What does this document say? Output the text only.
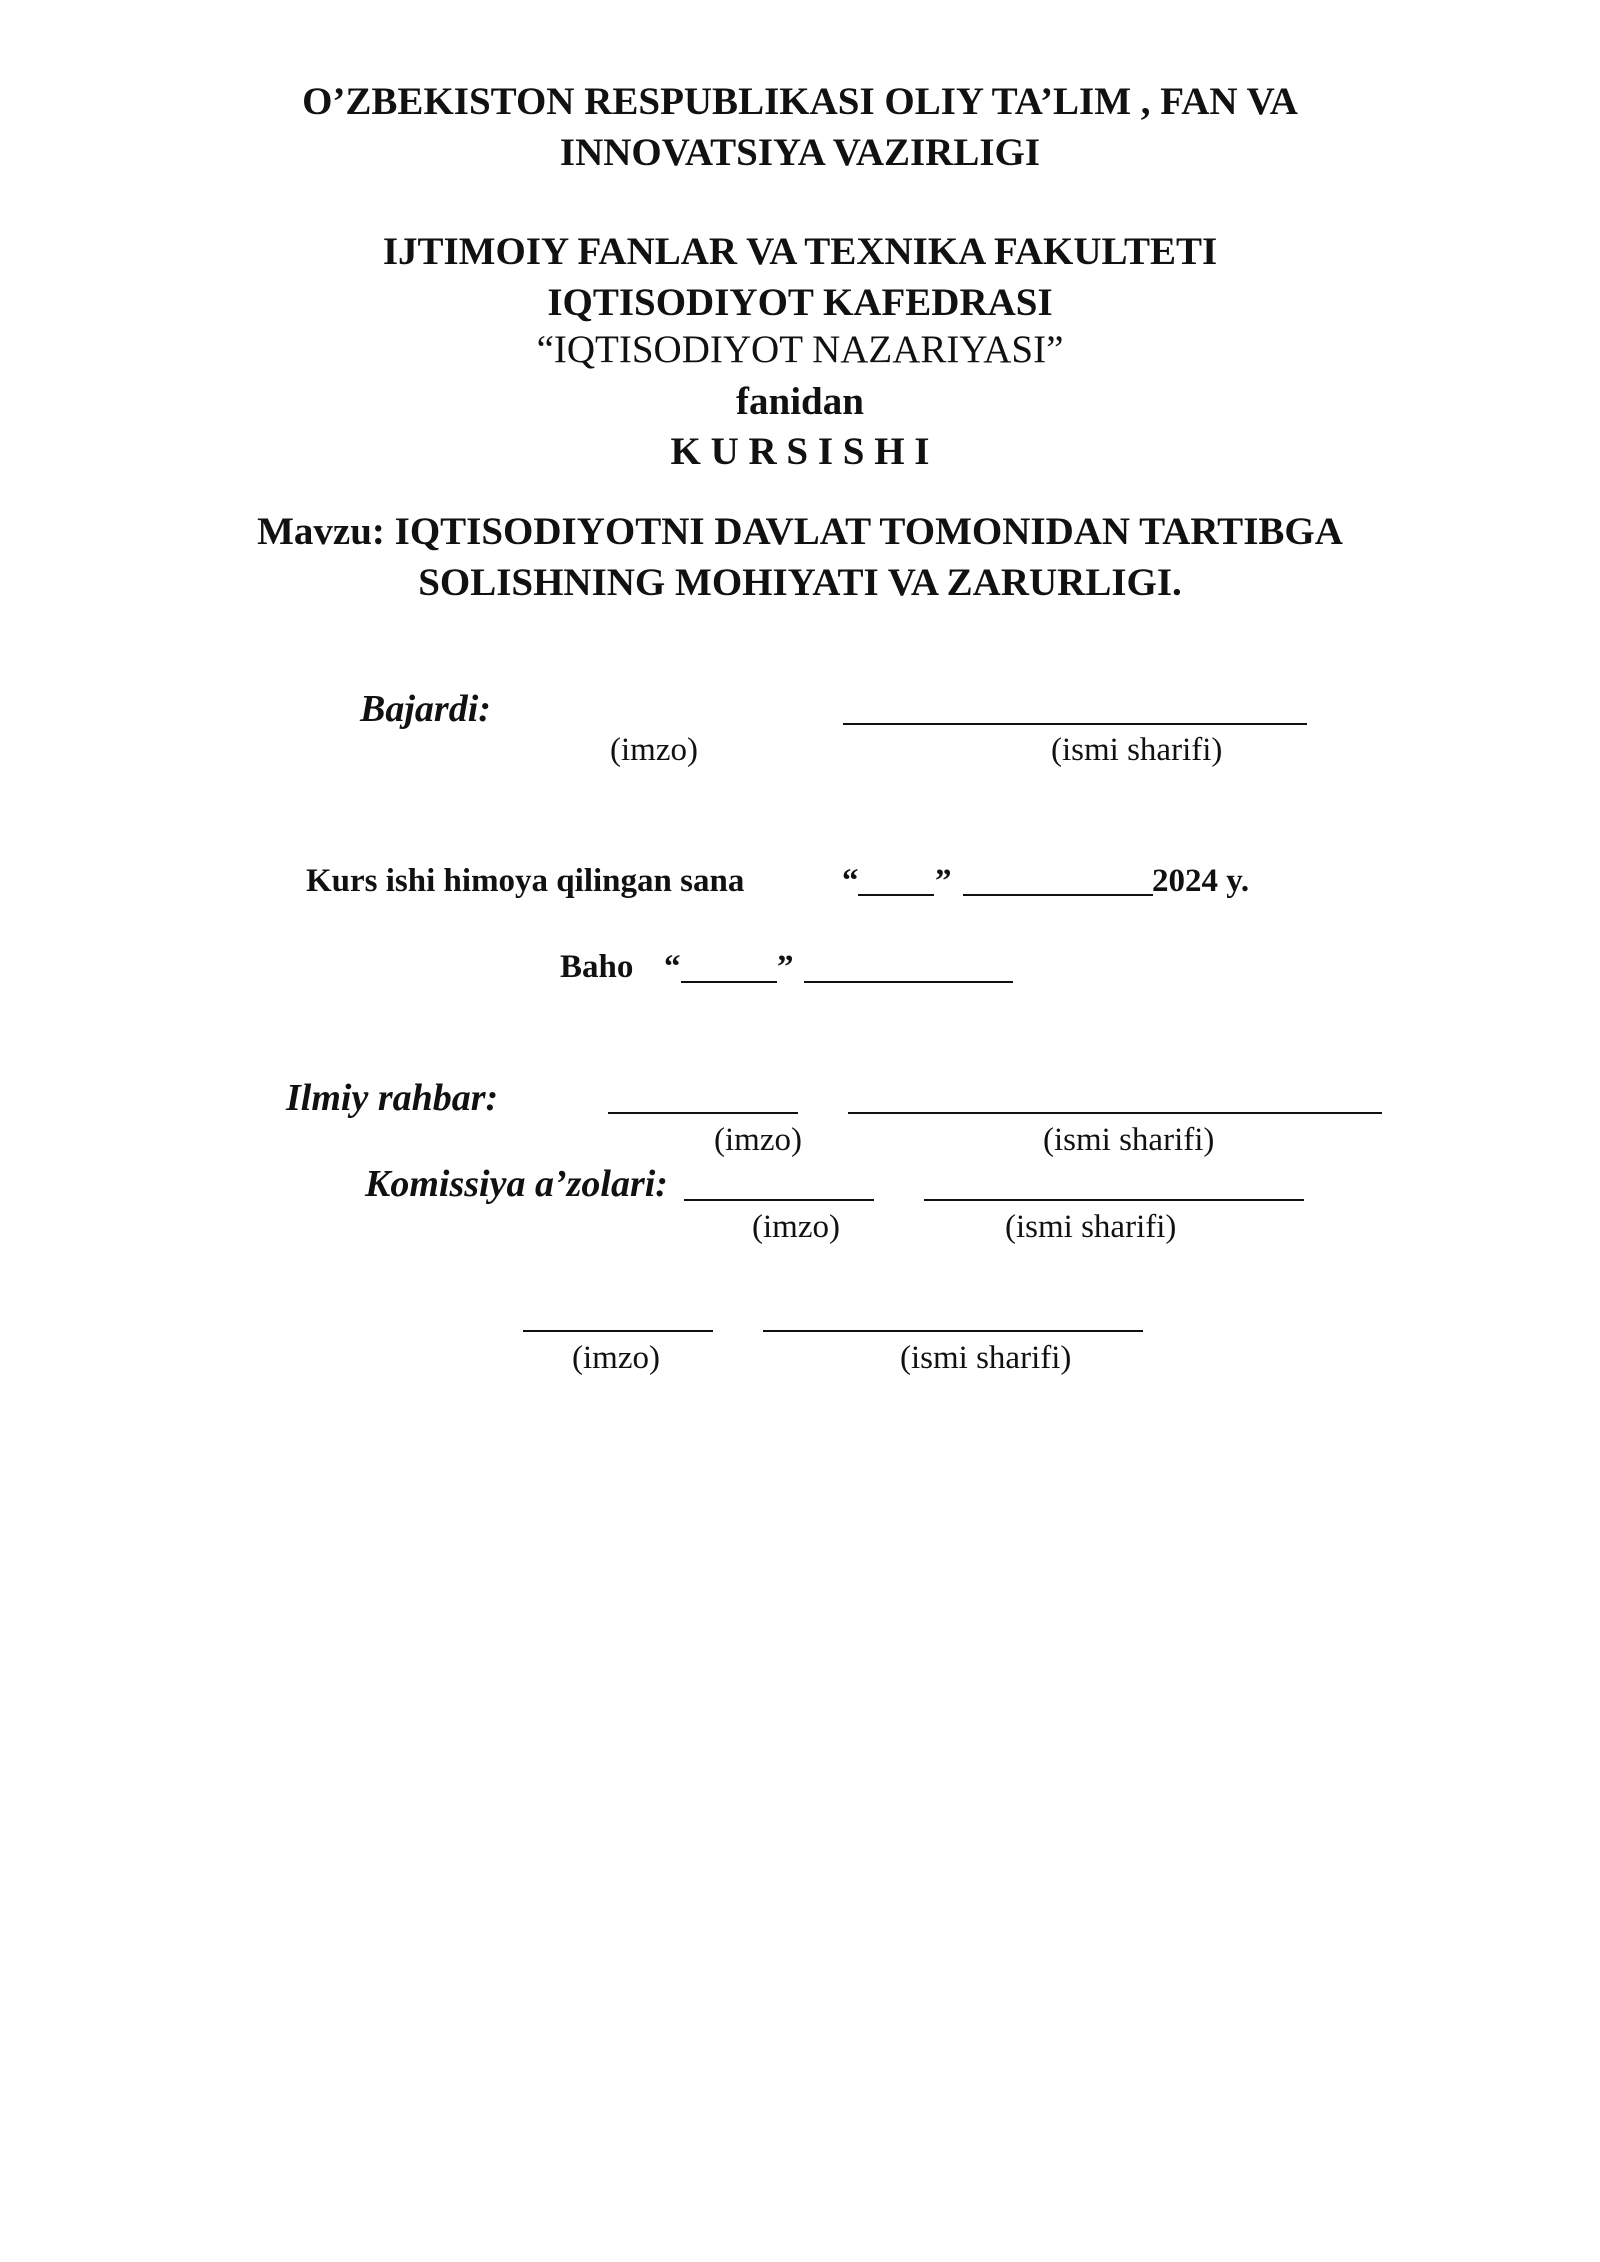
O’ZBEKISTON RESPUBLIKASI OLIY TA’LIM , FAN VA
INNOVATSIYA VAZIRLIGI
IJTIMOIY FANLAR VA TEXNIKA FAKULTETI
IQTISODIYOT KAFEDRASI
“IQTISODIYOT NAZARIYASI”
fanidan
K U R S I S H I
Mavzu: IQTISODIYOTNI DAVLAT TOMONIDAN TARTIBGA
SOLISHNING MOHIYATI VA ZARURLIGI.
Bajardi:
(imzo)	(ismi sharifi)
Kurs ishi himoya qilingan sana	“ ”	2024 y.
Baho “	”
Ilmiy rahbar:
(imzo)	(ismi sharifi)
Komissiya a’zolari:
(imzo)	(ismi sharifi)
(imzo)	(ismi sharifi)
